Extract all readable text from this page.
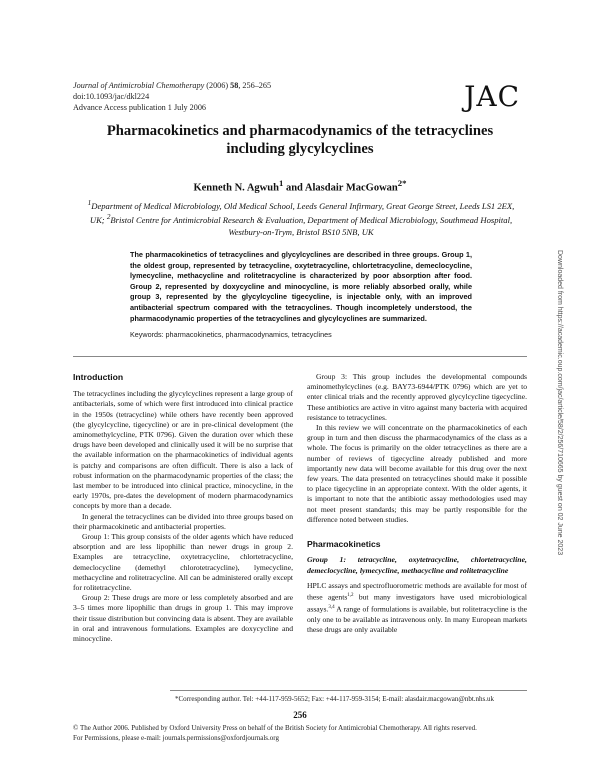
Journal of Antimicrobial Chemotherapy (2006) 58, 256–265
doi:10.1093/jac/dkl224
Advance Access publication 1 July 2006	JAC
Pharmacokinetics and pharmacodynamics of the tetracyclines
including glycylcyclines
Kenneth N. Agwuh$^1$ and Alasdair MacGowan$^{2*}$
$^1$Department of Medical Microbiology, Old Medical School, Leeds General Infirmary, Great George Street, Leeds LS1 2EX, UK; $^2$Bristol Centre for Antimicrobial Research & Evaluation, Department of Medical Microbiology, Southmead Hospital, Westbury-on-Trym, Bristol BS10 5NB, UK
The pharmacokinetics of tetracyclines and glycylcyclines are described in three groups. Group 1, the oldest group, represented by tetracycline, oxytetracycline, chlortetracycline, demeclocycline, lymecycline, methacycline and rolitetracycline is characterized by poor absorption after food. Group 2, represented by doxycycline and minocycline, is more reliably absorbed orally, while group 3, represented by the glycylcycline tigecycline, is injectable only, with an improved antibacterial spectrum compared with the tetracyclines. Though incompletely understood, the pharmacodynamic properties of the tetracyclines and glycylcyclines are summarized.
Keywords: pharmacokinetics, pharmacodynamics, tetracyclines	Downloaded from https://academic.oup.com/jac/article/58/2/256/710665 by guest on 02 June 2023
Introduction

The tetracyclines including the glycylcyclines represent a large group of antibacterials, some of which were first introduced into clinical practice in the 1950s (tetracycline) while others have recently been approved (the glycylcycline, tigecycline) or are in pre-clinical development (the aminomethylcycline, PTK 0796). Given the duration over which these drugs have been developed and clinically used it will be no surprise that the available information on the pharmacokinetics of individual agents is patchy and comparisons are often difficult. There is also a lack of robust information on the pharmacodynamic properties of the class; the last member to be introduced into clinical practice, minocycline, in the early 1970s, pre-dates the development of modern pharmacodynamics concepts by more than a decade.

In general the tetracyclines can be divided into three groups based on their pharmacokinetic and antibacterial properties.

Group 1: This group consists of the older agents which have reduced absorption and are less lipophilic than newer drugs in group 2. Examples are tetracycline, oxytetracycline, chlortetracycline, demeclocycline (demethyl chlorotetracycline), lymecycline, methacycline and rolitetracycline. All can be administered orally except for rolitetracycline.

Group 2: These drugs are more or less completely absorbed and are 3–5 times more lipophilic than drugs in group 1. This may improve their tissue distribution but convincing data is absent. They are available in oral and intravenous formulations. Examples are doxycycline and minocycline.

Group 3: This group includes the developmental compounds aminomethylcyclines (e.g. BAY73-6944/PTK 0796) which are yet to enter clinical trials and the recently approved glycylcycline tigecycline. These antibiotics are active in vitro against many bacteria with acquired resistance to tetracyclines.

In this review we will concentrate on the pharmacokinetics of each group in turn and then discuss the pharmacodynamics of the class as a whole. The focus is primarily on the older tetracyclines as there are a number of reviews of tigecycline already published and more importantly new data will become available for this drug over the next few years. The data presented on tetracyclines should make it possible to place tigecycline in an appropriate context. With the older agents, it is important to note that the antibiotic assay methodologies used may not meet present standards; this may be partly responsible for the difference noted between studies.

Pharmacokinetics
Group 1: tetracycline, oxytetracycline, chlortetracycline, demeclocycline, lymecycline, methacycline and rolitetracycline

HPLC assays and spectrofluorometric methods are available for most of these agents$^{1,2}$ but many investigators have used microbiological assays.$^{3,4}$ A range of formulations is available, but rolitetracycline is the only one to be available as intravenous only. In many European markets these drugs are only available

*Corresponding author. Tel: +44-117-959-5652; Fax: +44-117-959-3154; E-mail: alasdair.macgowan@nbt.nhs.uk
256
© The Author 2006. Published by Oxford University Press on behalf of the British Society for Antimicrobial Chemotherapy. All rights reserved.
For Permissions, please e-mail: journals.permissions@oxfordjournals.org
